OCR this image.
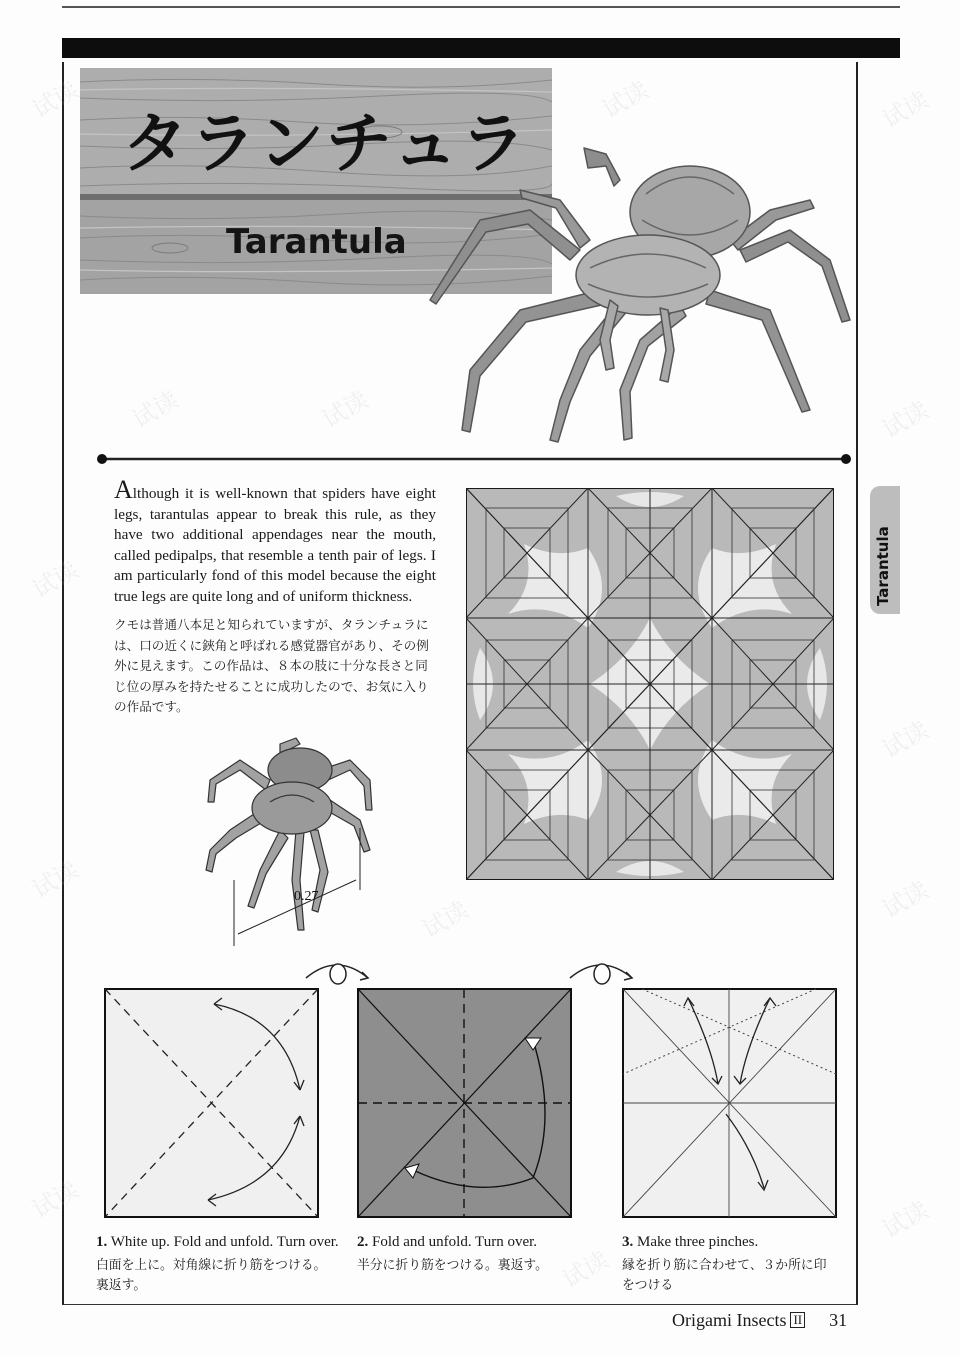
タランチュラ
Tarantula
Tarantula
Although it is well-known that spiders have eight legs, tarantulas appear to break this rule, as they have two additional appendages near the mouth, called pedipalps, that resemble a tenth pair of legs. I am particularly fond of this model because the eight true legs are quite long and of uniform thickness.
クモは普通八本足と知られていますが、タランチュラには、口の近くに鋏角と呼ばれる感覚器官があり、その例外に見えます。この作品は、８本の肢に十分な長さと同じ位の厚みを持たせることに成功したので、お気に入りの作品です。
0.27
1. White up. Fold and unfold. Turn over.
白面を上に。対角線に折り筋をつける。裏返す。
2. Fold and unfold. Turn over.
半分に折り筋をつける。裏返す。
3. Make three pinches.
縁を折り筋に合わせて、３か所に印をつける
Origami Insects II 31
试读	试读	试读
试读	试读	试读
试读
试读
试读
试读	试读
试读
试读
试读
